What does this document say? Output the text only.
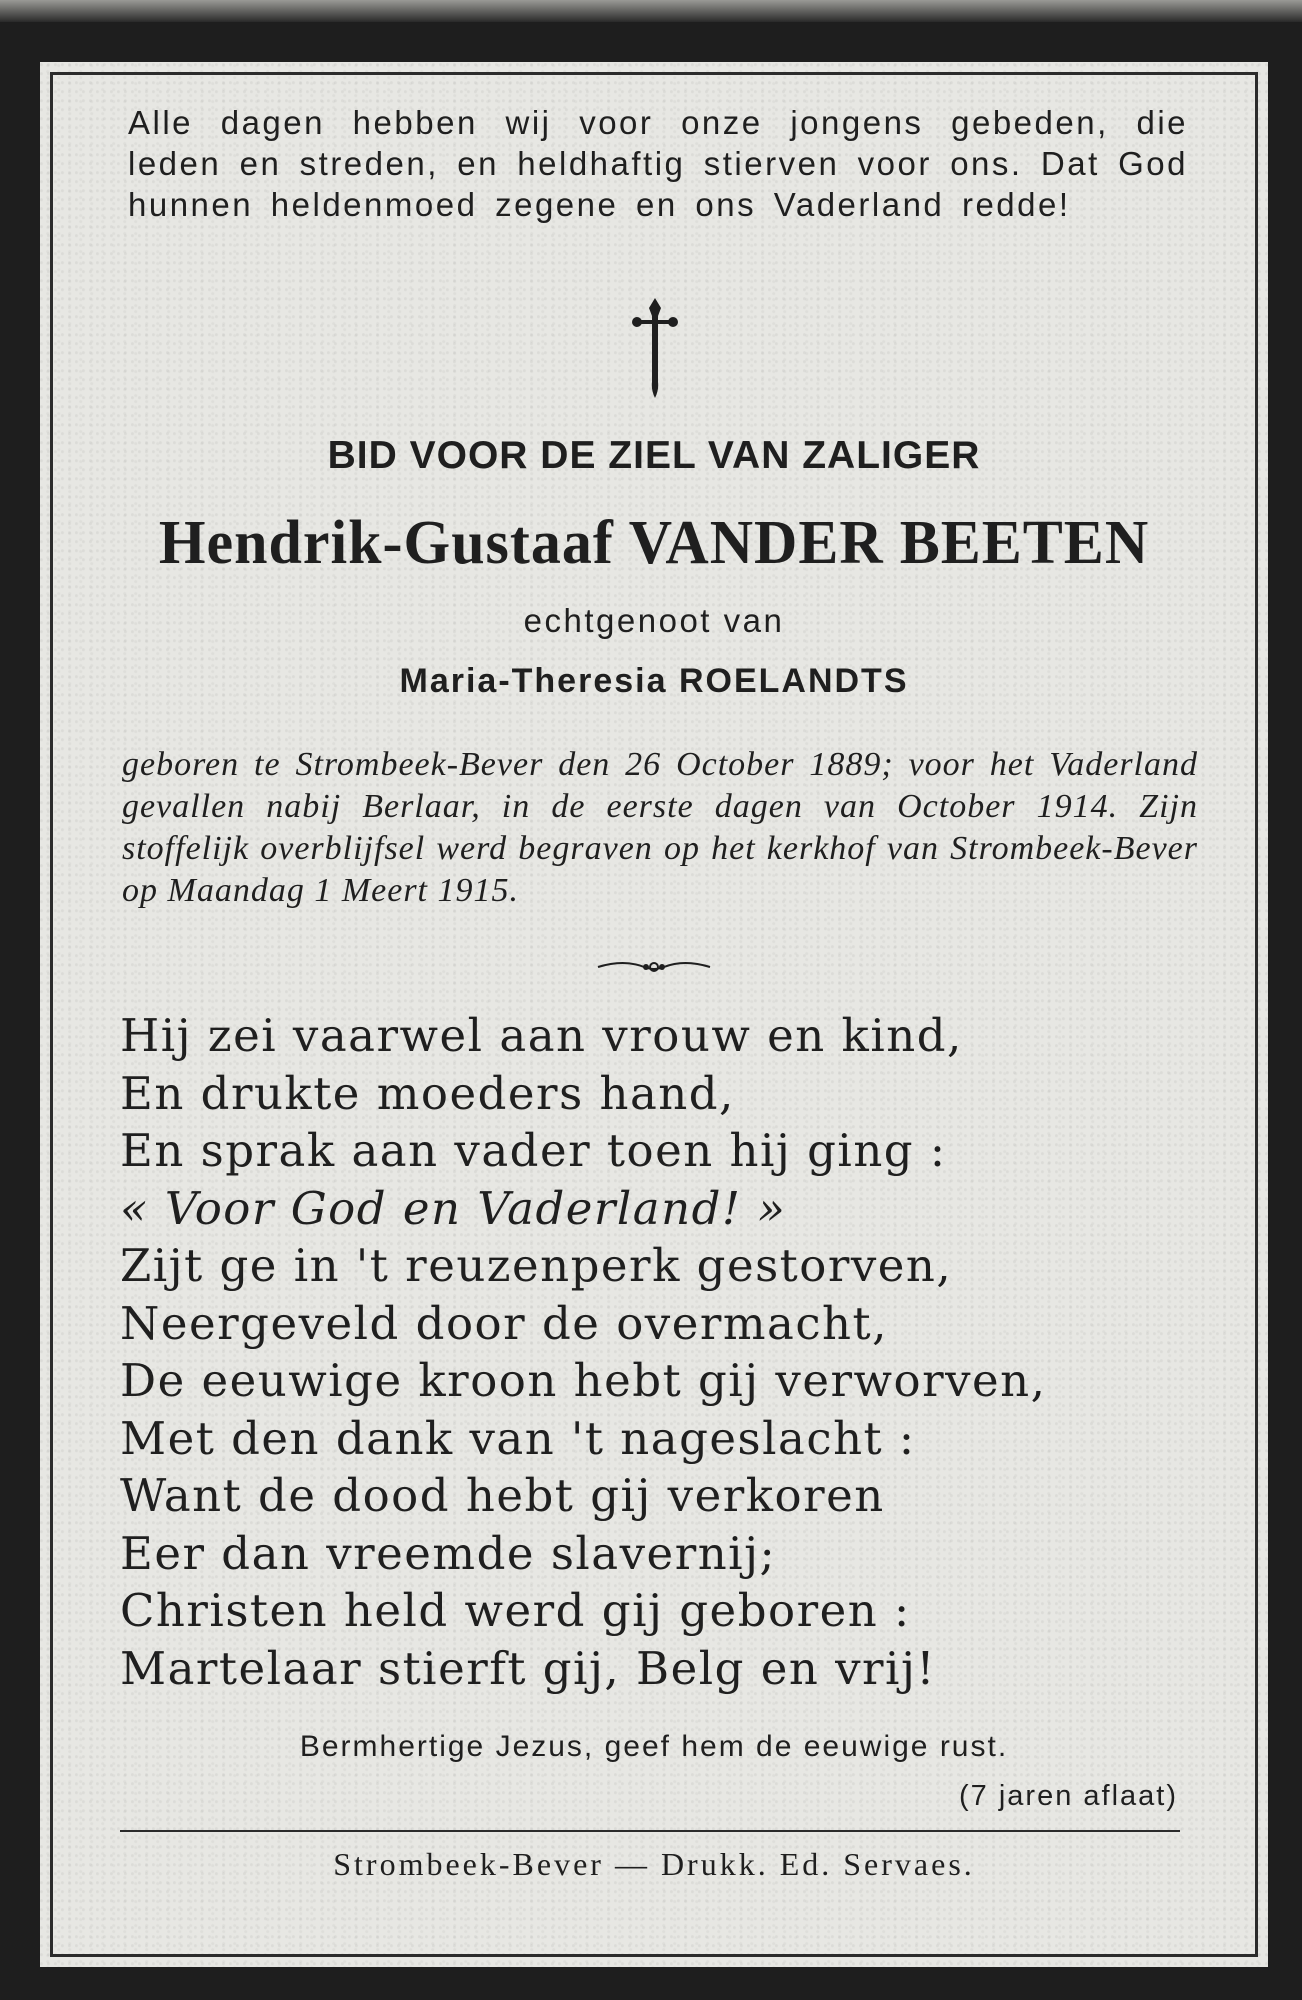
Alle dagen hebben wij voor onze jongens gebeden, die leden en streden, en heldhaftig stierven voor ons. Dat God hunnen heldenmoed zegene en ons Vaderland redde!
BID VOOR DE ZIEL VAN ZALIGER
Hendrik-Gustaaf VANDER BEETEN
echtgenoot van
Maria-Theresia ROELANDTS
geboren te Strombeek-Bever den 26 October 1889; voor het Vaderland gevallen nabij Berlaar, in de eerste dagen van October 1914. Zijn stoffelijk overblijfsel werd begraven op het kerkhof van Strombeek-Bever op Maandag 1 Meert 1915.
Hij zei vaarwel aan vrouw en kind,
En drukte moeders hand,
En sprak aan vader toen hij ging :
« Voor God en Vaderland! »
Zijt ge in 't reuzenperk gestorven,
Neergeveld door de overmacht,
De eeuwige kroon hebt gij verworven,
Met den dank van 't nageslacht :
Want de dood hebt gij verkoren
Eer dan vreemde slavernij;
Christen held werd gij geboren :
Martelaar stierft gij, Belg en vrij!
Bermhertige Jezus, geef hem de eeuwige rust.
(7 jaren aflaat)
Strombeek-Bever — Drukk. Ed. Servaes.
